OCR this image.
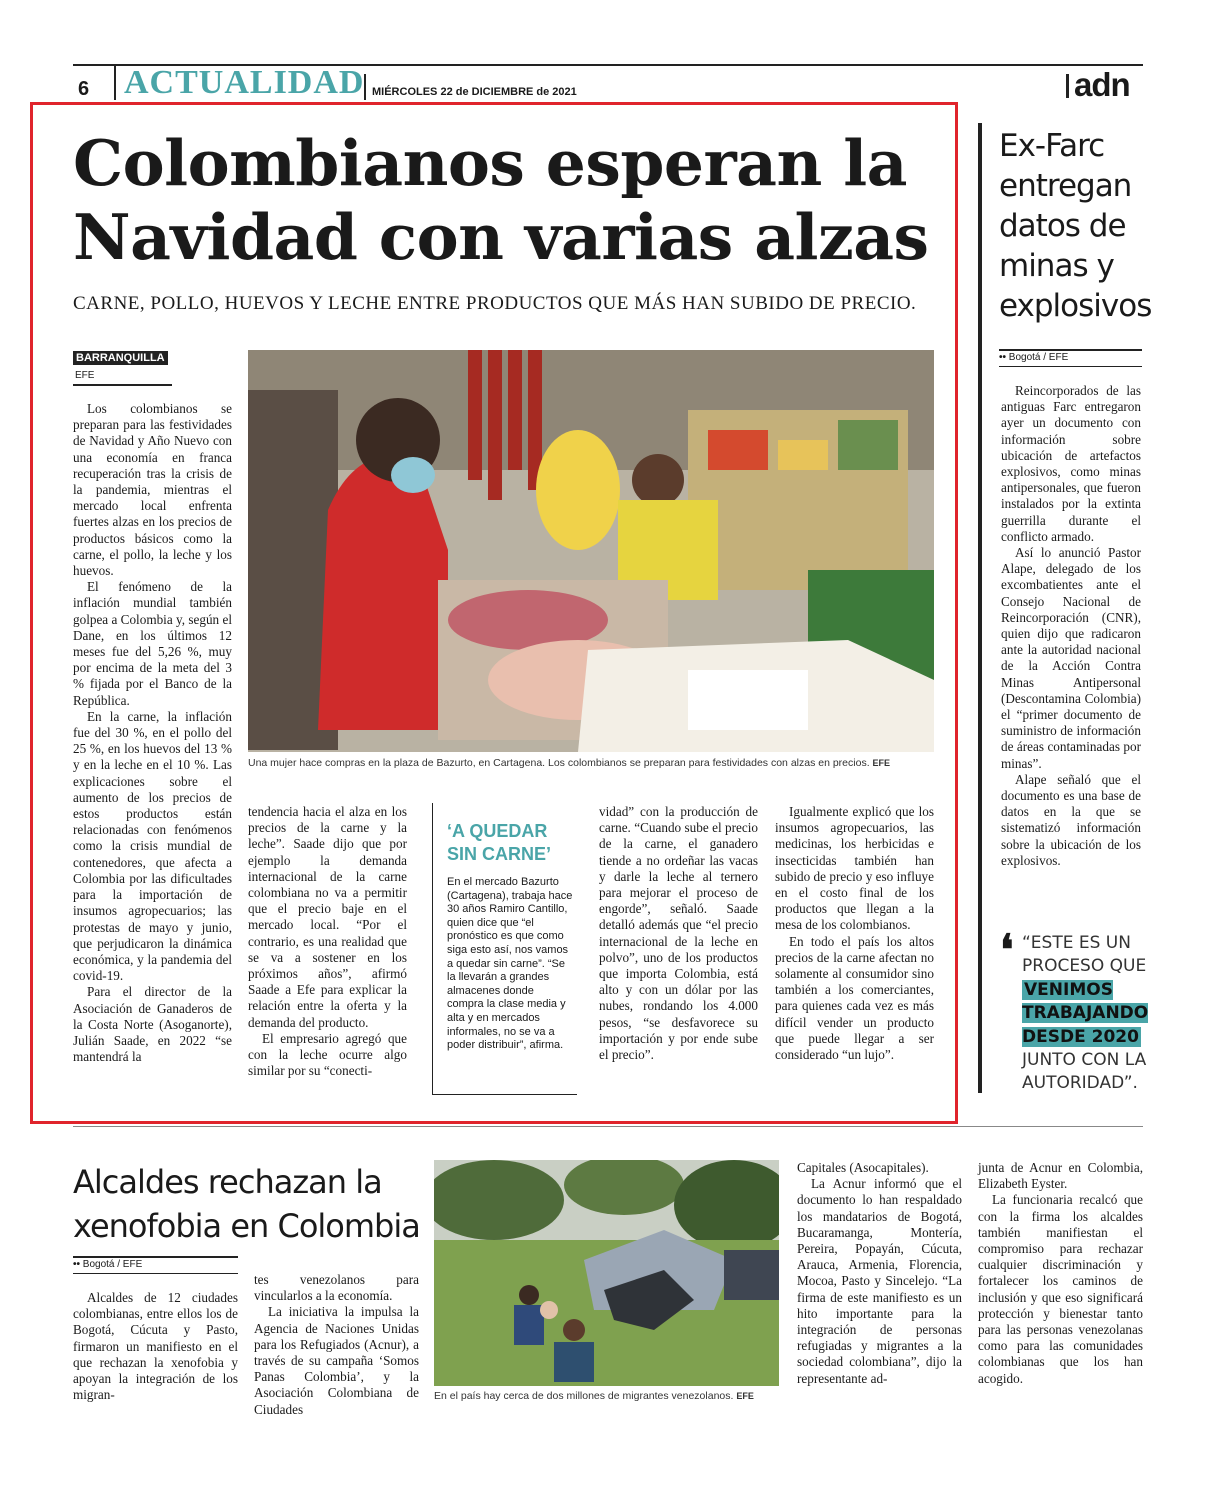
6 ACTUALIDAD MIÉRCOLES 22 de DICIEMBRE de 2021	adn
Colombianos esperan la
Navidad con varias alzas
CARNE, POLLO, HUEVOS Y LECHE ENTRE PRODUCTOS QUE MÁS HAN SUBIDO DE PRECIO.
BARRANQUILLA
EFE

Los colombianos se preparan para las festividades de Navidad y Año Nuevo con una economía en franca recuperación tras la crisis de la pandemia, mientras el mercado local enfrenta fuertes alzas en los precios de productos básicos como la carne, el pollo, la leche y los huevos.

El fenómeno de la inflación mundial también golpea a Colombia y, según el Dane, en los últimos 12 meses fue del 5,26 %, muy por encima de la meta del 3 % fijada por el Banco de la República.

En la carne, la inflación fue del 30 %, en el pollo del 25 %, en los huevos del 13 % y en la leche en el 10 %. Las explicaciones sobre el aumento de los precios de estos productos están relacionadas con fenómenos como la crisis mundial de contenedores, que afecta a Colombia por las dificultades para la importación de insumos agropecuarios; las protestas de mayo y junio, que perjudicaron la dinámica económica, y la pandemia del covid-19.

Para el director de la Asociación de Ganaderos de la Costa Norte (Asoganorte), Julián Saade, en 2022 “se mantendrá la

Una mujer hace compras en la plaza de Bazurto, en Cartagena. Los colombianos se preparan para festividades con alzas en precios. EFE

tendencia hacia el alza en los precios de la carne y la leche”. Saade dijo que por ejemplo la demanda internacional de la carne colombiana no va a permitir que el precio baje en el mercado local. “Por el contrario, es una realidad que se va a sostener en los próximos años”, afirmó Saade a Efe para explicar la relación entre la oferta y la demanda del producto.

El empresario agregó que con la leche ocurre algo similar por su “conecti-

‘A QUEDAR SIN CARNE’
En el mercado Bazurto (Cartagena), trabaja hace 30 años Ramiro Cantillo, quien dice que “el pronóstico es que como siga esto así, nos vamos a quedar sin carne”. “Se la llevarán a grandes almacenes donde compra la clase media y alta y en mercados informales, no se va a poder distribuir”, afirma.

vidad” con la producción de carne. “Cuando sube el precio de la carne, el ganadero tiende a no ordeñar las vacas y darle la leche al ternero para mejorar el proceso de engorde”, señaló. Saade detalló además que “el precio internacional de la leche en polvo”, uno de los productos que importa Colombia, está alto y con un dólar por las nubes, rondando los 4.000 pesos, “se desfavorece su importación y por ende sube el precio”.

Igualmente explicó que los insumos agropecuarios, las medicinas, los herbicidas e insecticidas también han subido de precio y eso influye en el costo final de los productos que llegan a la mesa de los colombianos.

En todo el país los altos precios de la carne afectan no solamente al consumidor sino también a los comerciantes, para quienes cada vez es más difícil vender un producto que puede llegar a ser considerado “un lujo”.

Ex-Farc entregan datos de minas y explosivos
•• Bogotá / EFE

Reincorporados de las antiguas Farc entregaron ayer un documento con información sobre ubicación de artefactos explosivos, como minas antipersonales, que fueron instalados por la extinta guerrilla durante el conflicto armado.

Así lo anunció Pastor Alape, delegado de los excombatientes ante el Consejo Nacional de Reincorporación (CNR), quien dijo que radicaron ante la autoridad nacional de la Acción Contra Minas Antipersonal (Descontamina Colombia) el “primer documento de suministro de información de áreas contaminadas por minas”.

Alape señaló que el documento es una base de datos en la que se sistematizó información sobre la ubicación de los explosivos.

❛ “ESTE ES UN PROCESO QUE VENIMOS TRABAJANDO DESDE 2020 JUNTO CON LA AUTORIDAD”.
Alcaldes rechazan la xenofobia en Colombia
•• Bogotá / EFE

Alcaldes de 12 ciudades colombianas, entre ellos los de Bogotá, Cúcuta y Pasto, firmaron un manifiesto en el que rechazan la xenofobia y apoyan la integración de los migran-

tes venezolanos para vincularlos a la economía.

La iniciativa la impulsa la Agencia de Naciones Unidas para los Refugiados (Acnur), a través de su campaña ‘Somos Panas Colombia’, y la Asociación Colombiana de Ciudades

En el país hay cerca de dos millones de migrantes venezolanos. EFE

Capitales (Asocapitales).

La Acnur informó que el documento lo han respaldado los mandatarios de Bogotá, Bucaramanga, Montería, Pereira, Popayán, Cúcuta, Arauca, Armenia, Florencia, Mocoa, Pasto y Sincelejo. “La firma de este manifiesto es un hito importante para la integración de personas refugiadas y migrantes a la sociedad colombiana”, dijo la representante ad-

junta de Acnur en Colombia, Elizabeth Eyster.

La funcionaria recalcó que con la firma los alcaldes también manifiestan el compromiso para rechazar cualquier discriminación y fortalecer los caminos de inclusión y que eso significará protección y bienestar tanto para las personas venezolanas como para las comunidades colombianas que los han acogido.
